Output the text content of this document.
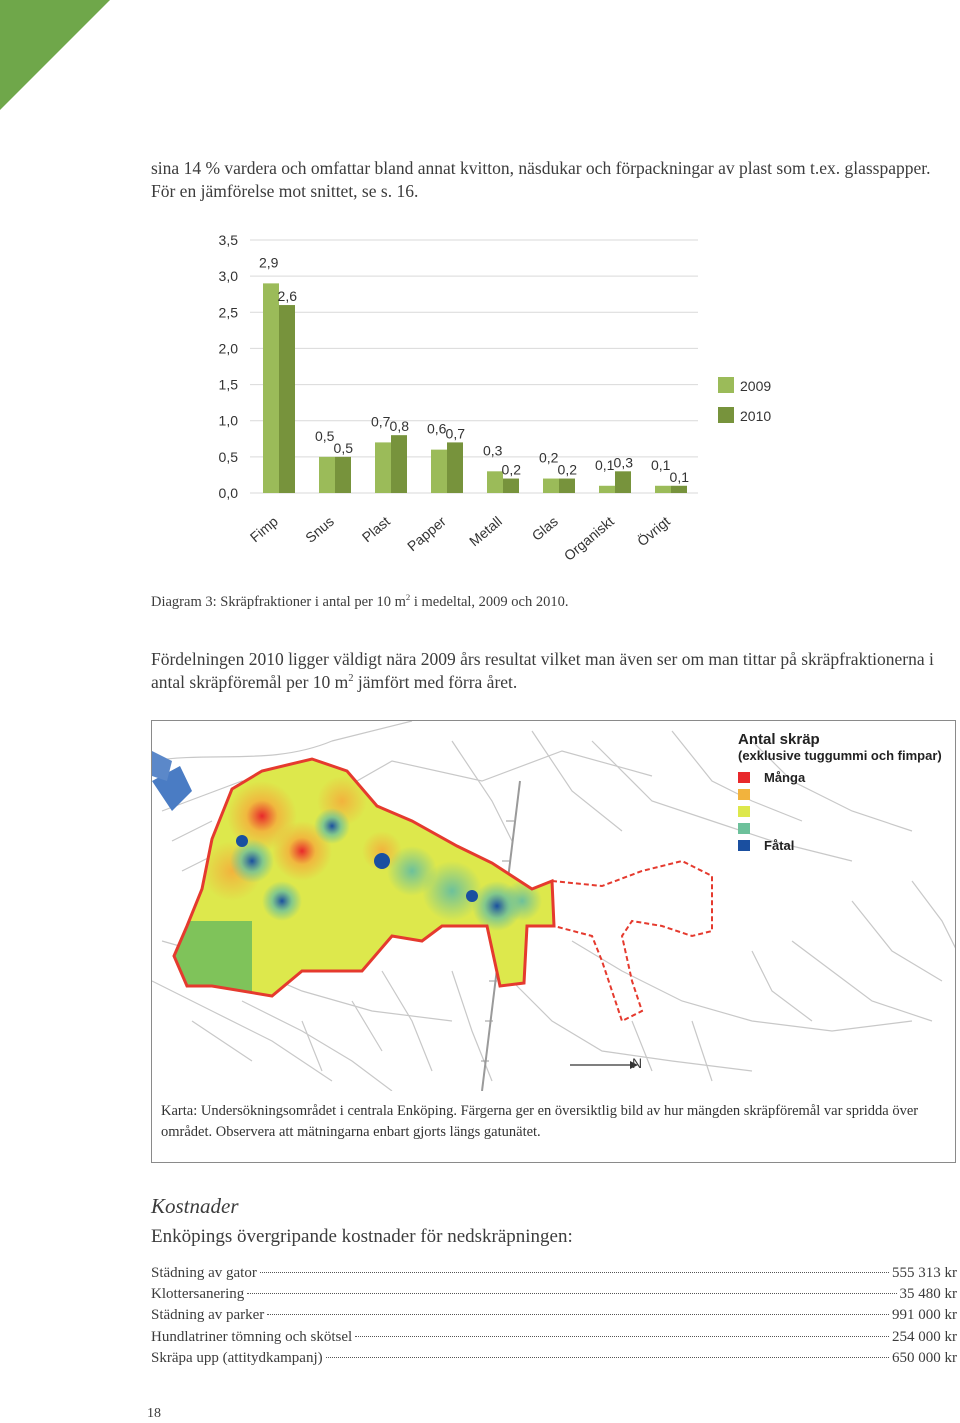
sina 14 % vardera och omfattar bland annat kvitton, näsdukar och förpackningar av plast som t.ex. glasspapper. För en jämförelse mot snittet, se s. 16.

3,5
3,0
2,5
2,0
1,5
1,0
0,5
0,0
2,9
2,6
Fimp
0,5
0,5
Snus
0,7 0,8
Plast
0,6 0,7
Papper
0,3
0,2
Metall
0,2
0,2
Glas
0,1 0,3
Organiskt
0,1
0,1
Övrigt
2009
2010

Diagram 3: Skräpfraktioner i antal per 10 $m^2$ i medeltal, 2009 och 2010.

Fördelningen 2010 ligger väldigt nära 2009 års resultat vilket man även ser om man tittar på skräpfraktionerna i antal skräpföremål per 10 $m^2$ jämfört med förra året.

Antal skräp
(exklusive tuggummi och fimpar)
Många
Fåtal
N

Karta: Undersökningsområdet i centrala Enköping. Färgerna ger en översiktlig bild av hur mängden skräpföremål var spridda över området. Observera att mätningarna enbart gjorts längs gatunätet.

Kostnader

Enköpings övergripande kostnader för nedskräpningen:

Städning av gator	555 313 kr
Klottersanering	35 480 kr
Städning av parker	991 000 kr
Hundlatriner tömning och skötsel	254 000 kr
Skräpa upp (attitydkampanj)	650 000 kr

18
